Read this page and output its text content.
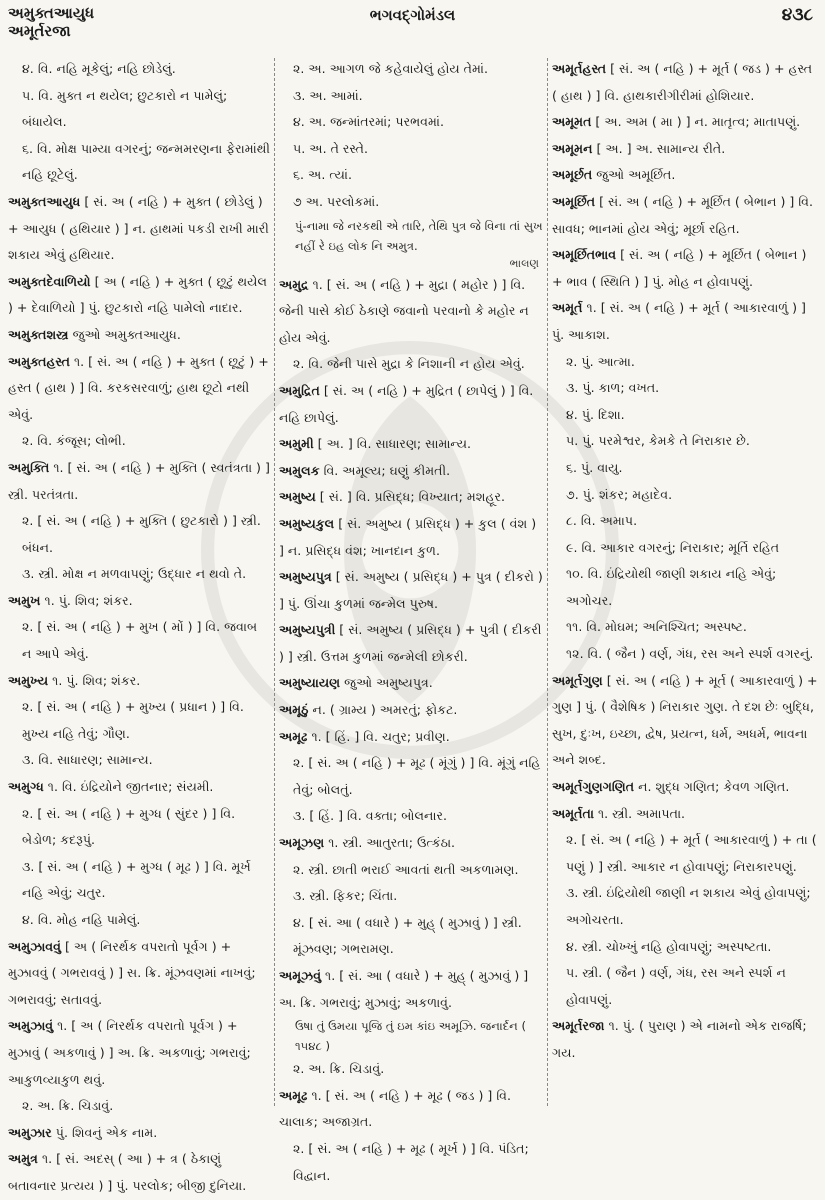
અમુક્તઆયુધ
અમૂર્તરજા
ભગવદ્ગોમંડલ	૪૩૮
૪. વિ. નહિ મૂકેલું; નહિ છોડેલું.
૫. વિ. મુક્ત ન થયેલ; છુટકારો ન પામેલું; બંધાયેલ.
૬. વિ. મોક્ષ પામ્યા વગરનું; જન્મમરણના ફેરામાંથી નહિ છૂટેલું.
અમુક્તઆયુધ [ સં. અ ( નહિ ) + મુક્ત ( છોડેલું ) + આયુધ ( હથિયાર ) ] ન. હાથમાં પકડી રાખી મારી શકાય એવું હથિયાર.
અમુક્તદેવાળિયો [ અ ( નહિ ) + મુક્ત ( છૂટું થયેલ ) + દેવાળિયો ] પું. છુટકારો નહિ પામેલો નાદાર.
અમુક્તશસ્ત્ર જુઓ અમુક્તઆયુધ.
અમુક્તહસ્ત ૧. [ સં. અ ( નહિ ) + મુક્ત ( છૂટું ) + હસ્ત ( હાથ ) ] વિ. કરકસરવાળું; હાથ છૂટો નથી એવું.
૨. વિ. કંજૂસ; લોભી.
અમુક્તિ ૧. [ સં. અ ( નહિ ) + મુક્તિ ( સ્વતંત્રતા ) ] સ્ત્રી. પરતંત્રતા.
૨. [ સં. અ ( નહિ ) + મુક્તિ ( છુટકારો ) ] સ્ત્રી. બંધન.
૩. સ્ત્રી. મોક્ષ ન મળવાપણું; ઉદ્ધાર ન થવો તે.
અમુખ ૧. પું. શિવ; શંકર.
૨. [ સં. અ ( નહિ ) + મુખ ( મોં ) ] વિ. જવાબ ન આપે એવું.
અમુખ્ય ૧. પું. શિવ; શંકર.
૨. [ સં. અ ( નહિ ) + મુખ્ય ( પ્રધાન ) ] વિ. મુખ્ય નહિ તેવું; ગૌણ.
૩. વિ. સાધારણ; સામાન્ય.
અમુગ્ધ ૧. વિ. ઇંદ્રિયોને જીતનાર; સંયમી.
૨. [ સં. અ ( નહિ ) + મુગ્ધ ( સુંદર ) ] વિ. બેડોળ; કદરૂપું.
૩. [ સં. અ ( નહિ ) + મુગ્ધ ( મૂઢ ) ] વિ. મૂર્ખ નહિ એવું; ચતુર.
૪. વિ. મોહ નહિ પામેલું.
અમુઝાવવું [ અ ( નિરર્થક વપરાતો પૂર્વગ ) + મુઝાવવું ( ગભરાવવું ) ] સ. ક્રિ. મૂંઝવણમાં નાખવું; ગભરાવવું; સતાવવું.
અમુઝાવું ૧. [ અ ( નિરર્થક વપરાતો પૂર્વગ ) + મુઝાવું ( અકળાવું ) ] અ. ક્રિ. અકળાવું; ગભરાવું; આકુળવ્યાકુળ થવું.
૨. અ. ક્રિ. ચિડાવું.
અમુઝાર પું. શિવનું એક નામ.
અમુત્ર ૧. [ સં. અદસ્ ( આ ) + ત્ર ( ઠેકાણું બતાવનાર પ્રત્યય ) ] પું. પરલોક; બીજી દુનિયા.
૨. અ. આગળ જે કહેવાયેલું હોય તેમાં.
૩. અ. આમાં.
૪. અ. જન્માંતરમાં; પરભવમાં.
૫. અ. તે રસ્તે.
૬. અ. ત્યાં.
૭ અ. પરલોકમાં.
પું-નામા જે નરકથી એ તારિ, તેથિ પુત્ર જે વિના તાં સુખ નહીં રે ઇહ લોક નિ અમુત્ર.
ભાલણ
અમુદ્ર ૧. [ સં. અ ( નહિ ) + મુદ્રા ( મહોર ) ] વિ. જેની પાસે કોઈ ઠેકાણે જવાનો પરવાનો કે મહોર ન હોય એવું.
૨. વિ. જેની પાસે મુદ્રા કે નિશાની ન હોય એવું.
અમુદ્રિત [ સં. અ ( નહિ ) + મુદ્રિત ( છાપેલું ) ] વિ. નહિ છાપેલું.
અમુમી [ અ. ] વિ. સાધારણ; સામાન્ય.
અમુલક વિ. અમૂલ્ય; ઘણું કીમતી.
અમુષ્ય [ સં. ] વિ. પ્રસિદ્ધ; વિખ્યાત; મશહૂર.
અમુષ્યકુલ [ સં. અમુષ્ય ( પ્રસિદ્ધ ) + કુલ ( વંશ ) ] ન. પ્રસિદ્ધ વંશ; ખાનદાન કુળ.
અમુષ્યપુત્ર [ સં. અમુષ્ય ( પ્રસિદ્ધ ) + પુત્ર ( દીકરો ) ] પું. ઊંચા કુળમાં જન્મેલ પુરુષ.
અમુષ્યપુત્રી [ સં. અમુષ્ય ( પ્રસિદ્ધ ) + પુત્રી ( દીકરી ) ] સ્ત્રી. ઉત્તમ કુળમાં જન્મેલી છોકરી.
અમુષ્યાયણ જુઓ અમુષ્યપુત્ર.
અમૂઠું ન. ( ગ્રામ્ય ) અમરતું; ફોકટ.
અમૂઢ ૧. [ હિં. ] વિ. ચતુર; પ્રવીણ.
૨. [ સં. અ ( નહિ ) + મૂઢ ( મૂંગું ) ] વિ. મૂંગું નહિ તેવું; બોલતું.
૩. [ હિં. ] વિ. વક્તા; બોલનાર.
અમૂઝણ ૧. સ્ત્રી. આતુરતા; ઉત્કંઠા.
૨. સ્ત્રી. છાતી ભરાઈ આવતાં થતી અકળામણ.
૩. સ્ત્રી. ફિકર; ચિંતા.
૪. [ સં. આ ( વધારે ) + મુહ્ ( મુઝાવું ) ] સ્ત્રી. મૂંઝવણ; ગભરામણ.
અમૂઝવું ૧. [ સં. આ ( વધારે ) + મુહ્ ( મુઝાવું ) ] અ. ક્રિ. ગભરાવું; મુઝાવું; અકળાવું.
ઉષા તું ઉમયા પૂજિ તું ઇમ કાંઇ અમૂઝિ. જનાર્દન ( ૧૫૪૮ )
૨. અ. ક્રિ. ચિડાવું.
અમૂઢ ૧. [ સં. અ ( નહિ ) + મૂઢ ( જડ ) ] વિ. ચાલાક; અજાગ્રત.
૨. [ સં. અ ( નહિ ) + મૂઢ ( મૂર્ખ ) ] વિ. પંડિત; વિદ્વાન.
અમૂર્તહસ્ત [ સં. અ ( નહિ ) + મૂર્ત ( જડ ) + હસ્ત ( હાથ ) ] વિ. હાથકારીગીરીમાં હોશિયાર.
અમૂમત [ અ. અમ ( મા ) ] ન. માતૃત્વ; માતાપણું.
અમૂમન [ અ. ] અ. સામાન્ય રીતે.
અમૂર્છત જુઓ અમૂર્છિત.
અમૂર્છિત [ સં. અ ( નહિ ) + મૂર્છિત ( બેભાન ) ] વિ. સાવધ; ભાનમાં હોય એવું; મૂર્છા રહિત.
અમૂર્છિતભાવ [ સં. અ ( નહિ ) + મૂર્છિત ( બેભાન ) + ભાવ ( સ્થિતિ ) ] પું. મોહ ન હોવાપણું.
અમૂર્ત ૧. [ સં. અ ( નહિ ) + મૂર્ત ( આકારવાળું ) ] પું. આકાશ.
૨. પું. આત્મા.
૩. પું. કાળ; વખત.
૪. પું. દિશા.
૫. પું. પરમેશ્વર, કેમકે તે નિરાકાર છે.
૬. પું. વાયુ.
૭. પું. શંકર; મહાદેવ.
૮. વિ. અમાપ.
૯. વિ. આકાર વગરનું; નિરાકાર; મૂર્તિ રહિત
૧૦. વિ. ઇંદ્રિયોથી જાણી શકાય નહિ એવું; અગોચર.
૧૧. વિ. મોઘમ; અનિશ્ચિત; અસ્પષ્ટ.
૧૨. વિ. ( જૈન ) વર્ણ, ગંધ, રસ અને સ્પર્શ વગરનું.
અમૂર્તગુણ [ સં. અ ( નહિ ) + મૂર્ત ( આકારવાળું ) + ગુણ ] પું. ( વૈશેષિક ) નિરાકાર ગુણ. તે દશ છેઃ બુદ્ધિ, સુખ, દુઃખ, ઇચ્છા, દ્વેષ, પ્રયત્ન, ધર્મ, અધર્મ, ભાવના અને શબ્દ.
અમૂર્તગુણગણિત ન. શુદ્ધ ગણિત; કેવળ ગણિત.
અમૂર્તતા ૧. સ્ત્રી. અમાપતા.
૨. [ સં. અ ( નહિ ) + મૂર્ત ( આકારવાળું ) + તા ( પણું ) ] સ્ત્રી. આકાર ન હોવાપણું; નિરાકારપણું.
૩. સ્ત્રી. ઇંદ્રિયોથી જાણી ન શકાય એવું હોવાપણું; અગોચરતા.
૪. સ્ત્રી. ચોખ્ખું નહિ હોવાપણું; અસ્પષ્ટતા.
૫. સ્ત્રી. ( જૈન ) વર્ણ, ગંધ, રસ અને સ્પર્શ ન હોવાપણું.
અમૂર્તરજા ૧. પું. ( પુરાણ ) એ નામનો એક રાજર્ષિ; ગય.
